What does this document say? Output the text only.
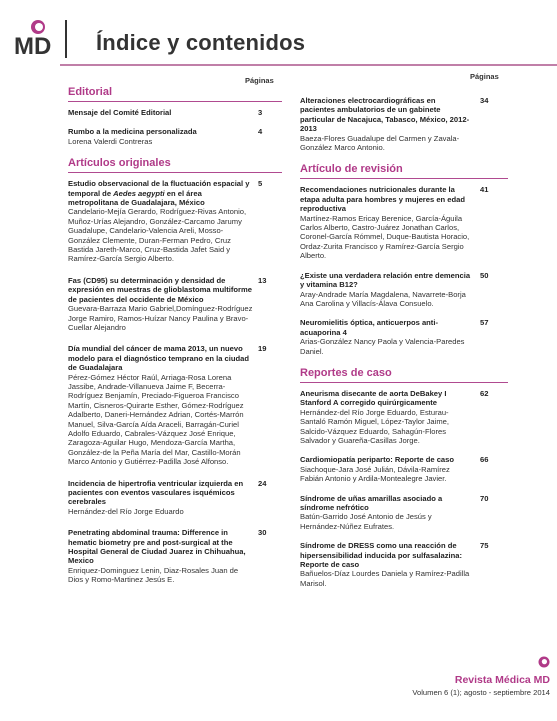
MD Índice y contenidos
Páginas	Páginas
Editorial
Mensaje del Comité Editorial	3
Rumbo a la medicina personalizada
Lorena Valerdi Contreras
4
Artículos originales
Estudio observacional de la fluctuación espacial y temporal de Aedes aegypti en el área metropolitana de Guadalajara, México
Candelario-Mejía Gerardo, Rodríguez-Rivas Antonio, Muñoz-Urías Alejandro, González-Carcamo Jarumy Guadalupe, Candelario-Valencia Areli, Mosso-González Clemente, Duran-Ferman Pedro, Cruz Bastida Jareth-Marco, Cruz-Bastida Jafet Said y Ramírez-García Sergio Alberto.
5
Fas (CD95) su determinación y densidad de expresión en muestras de glioblastoma multiforme de pacientes del occidente de México
Guevara-Barraza Mario Gabriel,Domínguez-Rodríguez Jorge Ramiro, Ramos-Huízar Nancy Paulina y Bravo-Cuellar Alejandro
13
Día mundial del cáncer de mama 2013, un nuevo modelo para el diagnóstico temprano en la ciudad de Guadalajara
Pérez-Gómez Héctor Raúl, Arriaga-Rosa Lorena Jassibe, Andrade-Villanueva Jaime F, Becerra-Rodríguez Benjamín, Preciado-Figueroa Francisco Martín, Cisneros-Quirarte Esther, Gómez-Rodríguez Adalberto, Daneri-Hernández Adrian, Cortés-Marrón Manuel, Silva-García Aída Araceli, Barragán-Curiel Adolfo Eduardo, Cabrales-Vázquez José Enrique, Zaragoza-Aguilar Hugo, Mendoza-García Martha, González-de la Peña María del Mar, Castillo-Morán Marco Antonio y Gutiérrez-Padilla José Alfonso.
19
Incidencia de hipertrofia ventricular izquierda en pacientes con eventos vasculares isquémicos cerebrales
Hernández-del Río Jorge Eduardo
24
Penetrating abdominal trauma: Difference in hematic biometry pre and post-surgical at the Hospital General de Ciudad Juarez in Chihuahua, Mexico
Enriquez-Dominguez Lenin, Diaz-Rosales Juan de Dios y Romo-Martinez Jesús E.
30
Alteraciones electrocardiográficas en pacientes ambulatorios de un gabinete particular de Nacajuca, Tabasco, México, 2012-2013
Baeza-Flores Guadalupe del Carmen y Zavala-González Marco Antonio.
34
Artículo de revisión
Recomendaciones nutricionales durante la etapa adulta para hombres y mujeres en edad reproductiva
Martínez-Ramos Ericay Berenice, García-Águila Carlos Alberto, Castro-Juárez Jonathan Carlos, Coronel-García Rómmel, Duque-Bautista Horacio, Ordaz-Zurita Francisco y Ramírez-García Sergio Alberto.
41
¿Existe una verdadera relación entre demencia y vitamina B12?
Aray-Andrade María Magdalena, Navarrete-Borja Ana Carolina y Villacís-Álava Consuelo.
50
Neuromielitis óptica, anticuerpos anti-acuaporina 4
Arias-González Nancy Paola y Valencia-Paredes Daniel.
57
Reportes de caso
Aneurisma disecante de aorta DeBakey I Stanford A corregido quirúrgicamente
Hernández-del Río Jorge Eduardo, Esturau-Santaló Ramón Miguel, López-Taylor Jaime, Salcido-Vázquez Eduardo, Sahagún-Flores Salvador y Guareña-Casillas Jorge.
62
Cardiomiopatía periparto: Reporte de caso
Siachoque-Jara José Julián, Dávila-Ramírez Fabián Antonio y Ardila-Montealegre Javier.
66
Síndrome de uñas amarillas asociado a síndrome nefrótico
Batún-Garrido José Antonio de Jesús y Hernández-Núñez Eufrates.
70
Síndrome de DRESS como una reacción de hipersensibilidad inducida por sulfasalazina: Reporte de caso
Bañuelos-Díaz Lourdes Daniela y Ramírez-Padilla Marisol.
75
Revista Médica MD
Volumen 6 (1); agosto - septiembre 2014
